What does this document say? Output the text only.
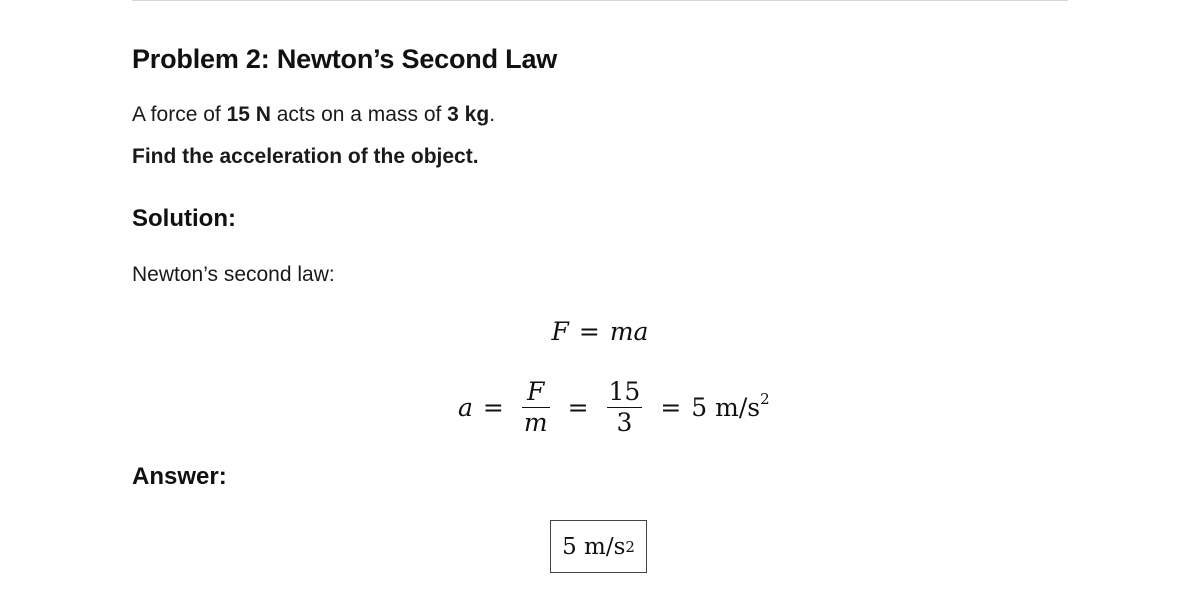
Problem 2: Newton’s Second Law

A force of 15 N acts on a mass of 3 kg.

Find the acceleration of the object.

Solution:

Newton’s second law:

F = ma
$a = \frac{F}{m} = \frac{15}{3} = 5$ $m/s^2$
Answer:
5 m/s 2
